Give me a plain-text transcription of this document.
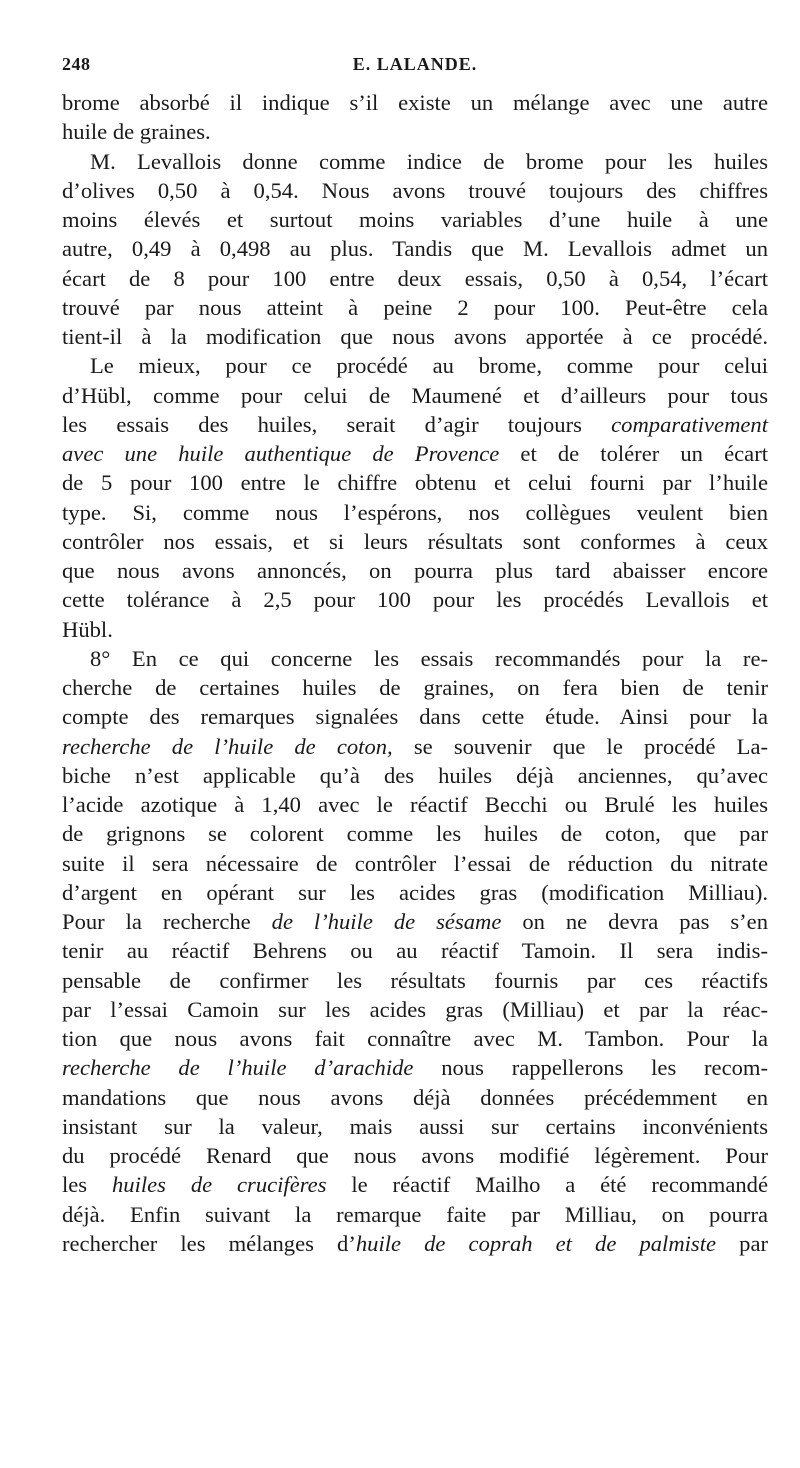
248	E. LALANDE.
brome absorbé il indique s’il existe un mélange avec une autre
huile de graines.
M. Levallois donne comme indice de brome pour les huiles
d’olives 0,50 à 0,54. Nous avons trouvé toujours des chiffres
moins élevés et surtout moins variables d’une huile à une
autre, 0,49 à 0,498 au plus. Tandis que M. Levallois admet un
écart de 8 pour 100 entre deux essais, 0,50 à 0,54, l’écart
trouvé par nous atteint à peine 2 pour 100. Peut-être cela
tient-il à la modification que nous avons apportée à ce procédé.
Le mieux, pour ce procédé au brome, comme pour celui
d’Hübl, comme pour celui de Maumené et d’ailleurs pour tous
les essais des huiles, serait d’agir toujours comparativement
avec une huile authentique de Provence et de tolérer un écart
de 5 pour 100 entre le chiffre obtenu et celui fourni par l’huile
type. Si, comme nous l’espérons, nos collègues veulent bien
contrôler nos essais, et si leurs résultats sont conformes à ceux
que nous avons annoncés, on pourra plus tard abaisser encore
cette tolérance à 2,5 pour 100 pour les procédés Levallois et
Hübl.
8° En ce qui concerne les essais recommandés pour la re-
cherche de certaines huiles de graines, on fera bien de tenir
compte des remarques signalées dans cette étude. Ainsi pour la
recherche de l’huile de coton, se souvenir que le procédé La-
biche n’est applicable qu’à des huiles déjà anciennes, qu’avec
l’acide azotique à 1,40 avec le réactif Becchi ou Brulé les huiles
de grignons se colorent comme les huiles de coton, que par
suite il sera nécessaire de contrôler l’essai de réduction du nitrate
d’argent en opérant sur les acides gras (modification Milliau).
Pour la recherche de l’huile de sésame on ne devra pas s’en
tenir au réactif Behrens ou au réactif Tamoin. Il sera indis-
pensable de confirmer les résultats fournis par ces réactifs
par l’essai Camoin sur les acides gras (Milliau) et par la réac-
tion que nous avons fait connaître avec M. Tambon. Pour la
recherche de l’huile d’arachide nous rappellerons les recom-
mandations que nous avons déjà données précédemment en
insistant sur la valeur, mais aussi sur certains inconvénients
du procédé Renard que nous avons modifié légèrement. Pour
les huiles de crucifères le réactif Mailho a été recommandé
déjà. Enfin suivant la remarque faite par Milliau, on pourra
rechercher les mélanges d’huile de coprah et de palmiste par
